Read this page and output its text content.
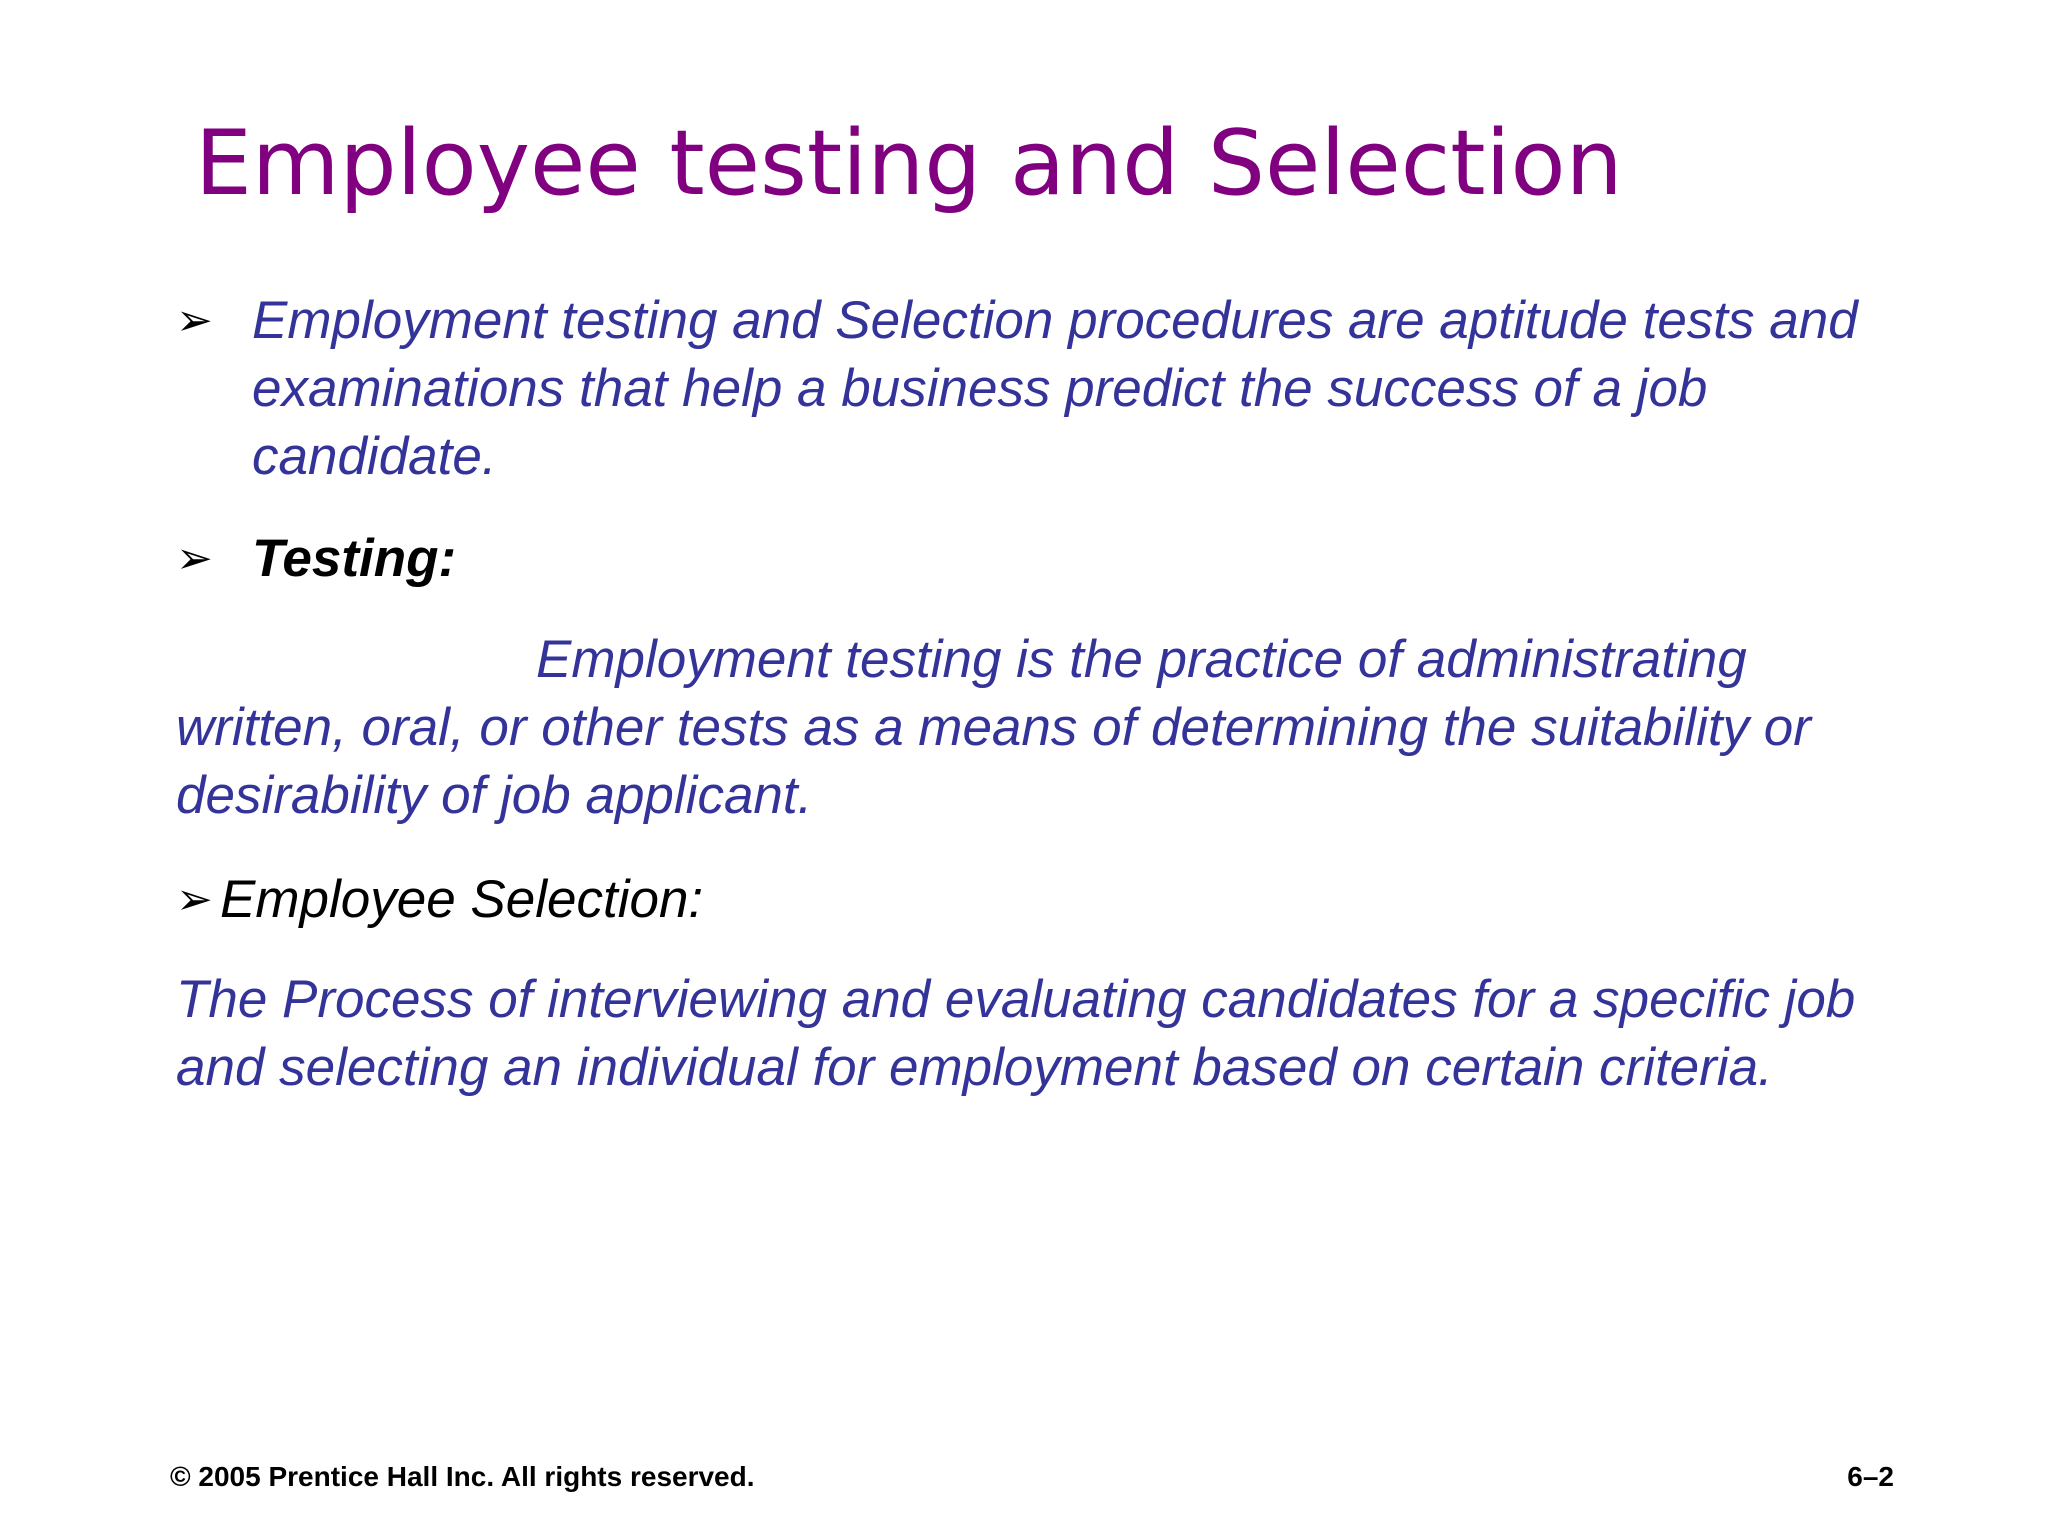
Employee testing and Selection
➢ Employment testing and Selection procedures are aptitude tests and examinations that help a business predict the success of a job candidate.
➢ Testing:

Employment testing is the practice of administrating written, oral, or other tests as a means of determining the suitability or desirability of job applicant.

➢ Employee Selection:

The Process of interviewing and evaluating candidates for a specific job and selecting an individual for employment based on certain criteria.

© 2005 Prentice Hall Inc. All rights reserved.	6–2
